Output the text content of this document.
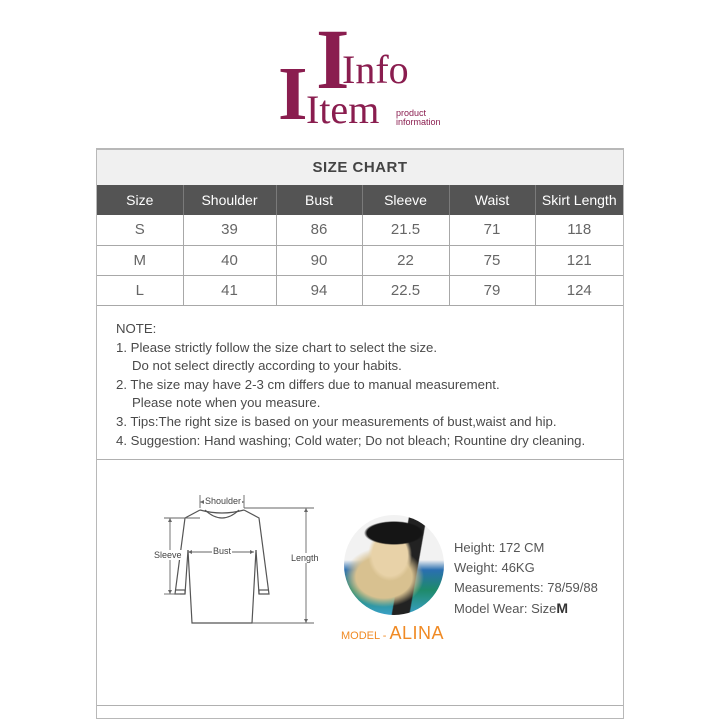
I
Info
I
Item product
information
SIZE CHART
Size	Shoulder	Bust	Sleeve	Waist	Skirt Length
S	39	86	21.5	71	118
M	40	90	22	75	121
L	41	94	22.5	79	124
NOTE:
1. Please strictly follow the size chart to select the size.
Do not select directly according to your habits.
2. The size may have 2-3 cm differs due to manual measurement.
Please note when you measure.
3. Tips:The right size is based on your measurements of bust,waist and hip.
4. Suggestion: Hand washing; Cold water; Do not bleach; Rountine dry cleaning.
Shoulder
Bust
Sleeve	Length
MODEL - ALINA
Height: 172 CM
Weight: 46KG
Measurements: 78/59/88
Model Wear: SizeM
